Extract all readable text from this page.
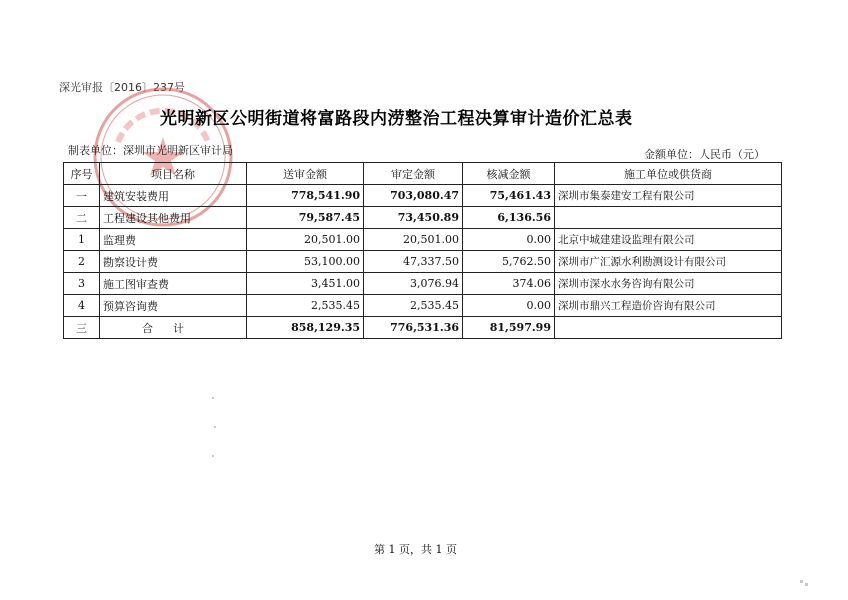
深光审报〔2016〕237号
光明新区公明街道将富路段内涝整治工程决算审计造价汇总表
制表单位：深圳市光明新区审计局	金额单位：人民币（元）
序号	项目名称	送审金额	审定金额	核减金额	施工单位或供货商
一	建筑安装费用	778,541.90	703,080.47	75,461.43	深圳市集泰建安工程有限公司
二	工程建设其他费用	79,587.45	73,450.89	6,136.56	
1	监理费	20,501.00	20,501.00	0.00	北京中城建建设监理有限公司
2	勘察设计费	53,100.00	47,337.50	5,762.50	深圳市广汇源水利勘测设计有限公司
3	施工图审查费	3,451.00	3,076.94	374.06	深圳市深水水务咨询有限公司
4	预算咨询费	2,535.45	2,535.45	0.00	深圳市鼎兴工程造价咨询有限公司
三	合计	858,129.35	776,531.36	81,597.99	
第 1 页，共 1 页
